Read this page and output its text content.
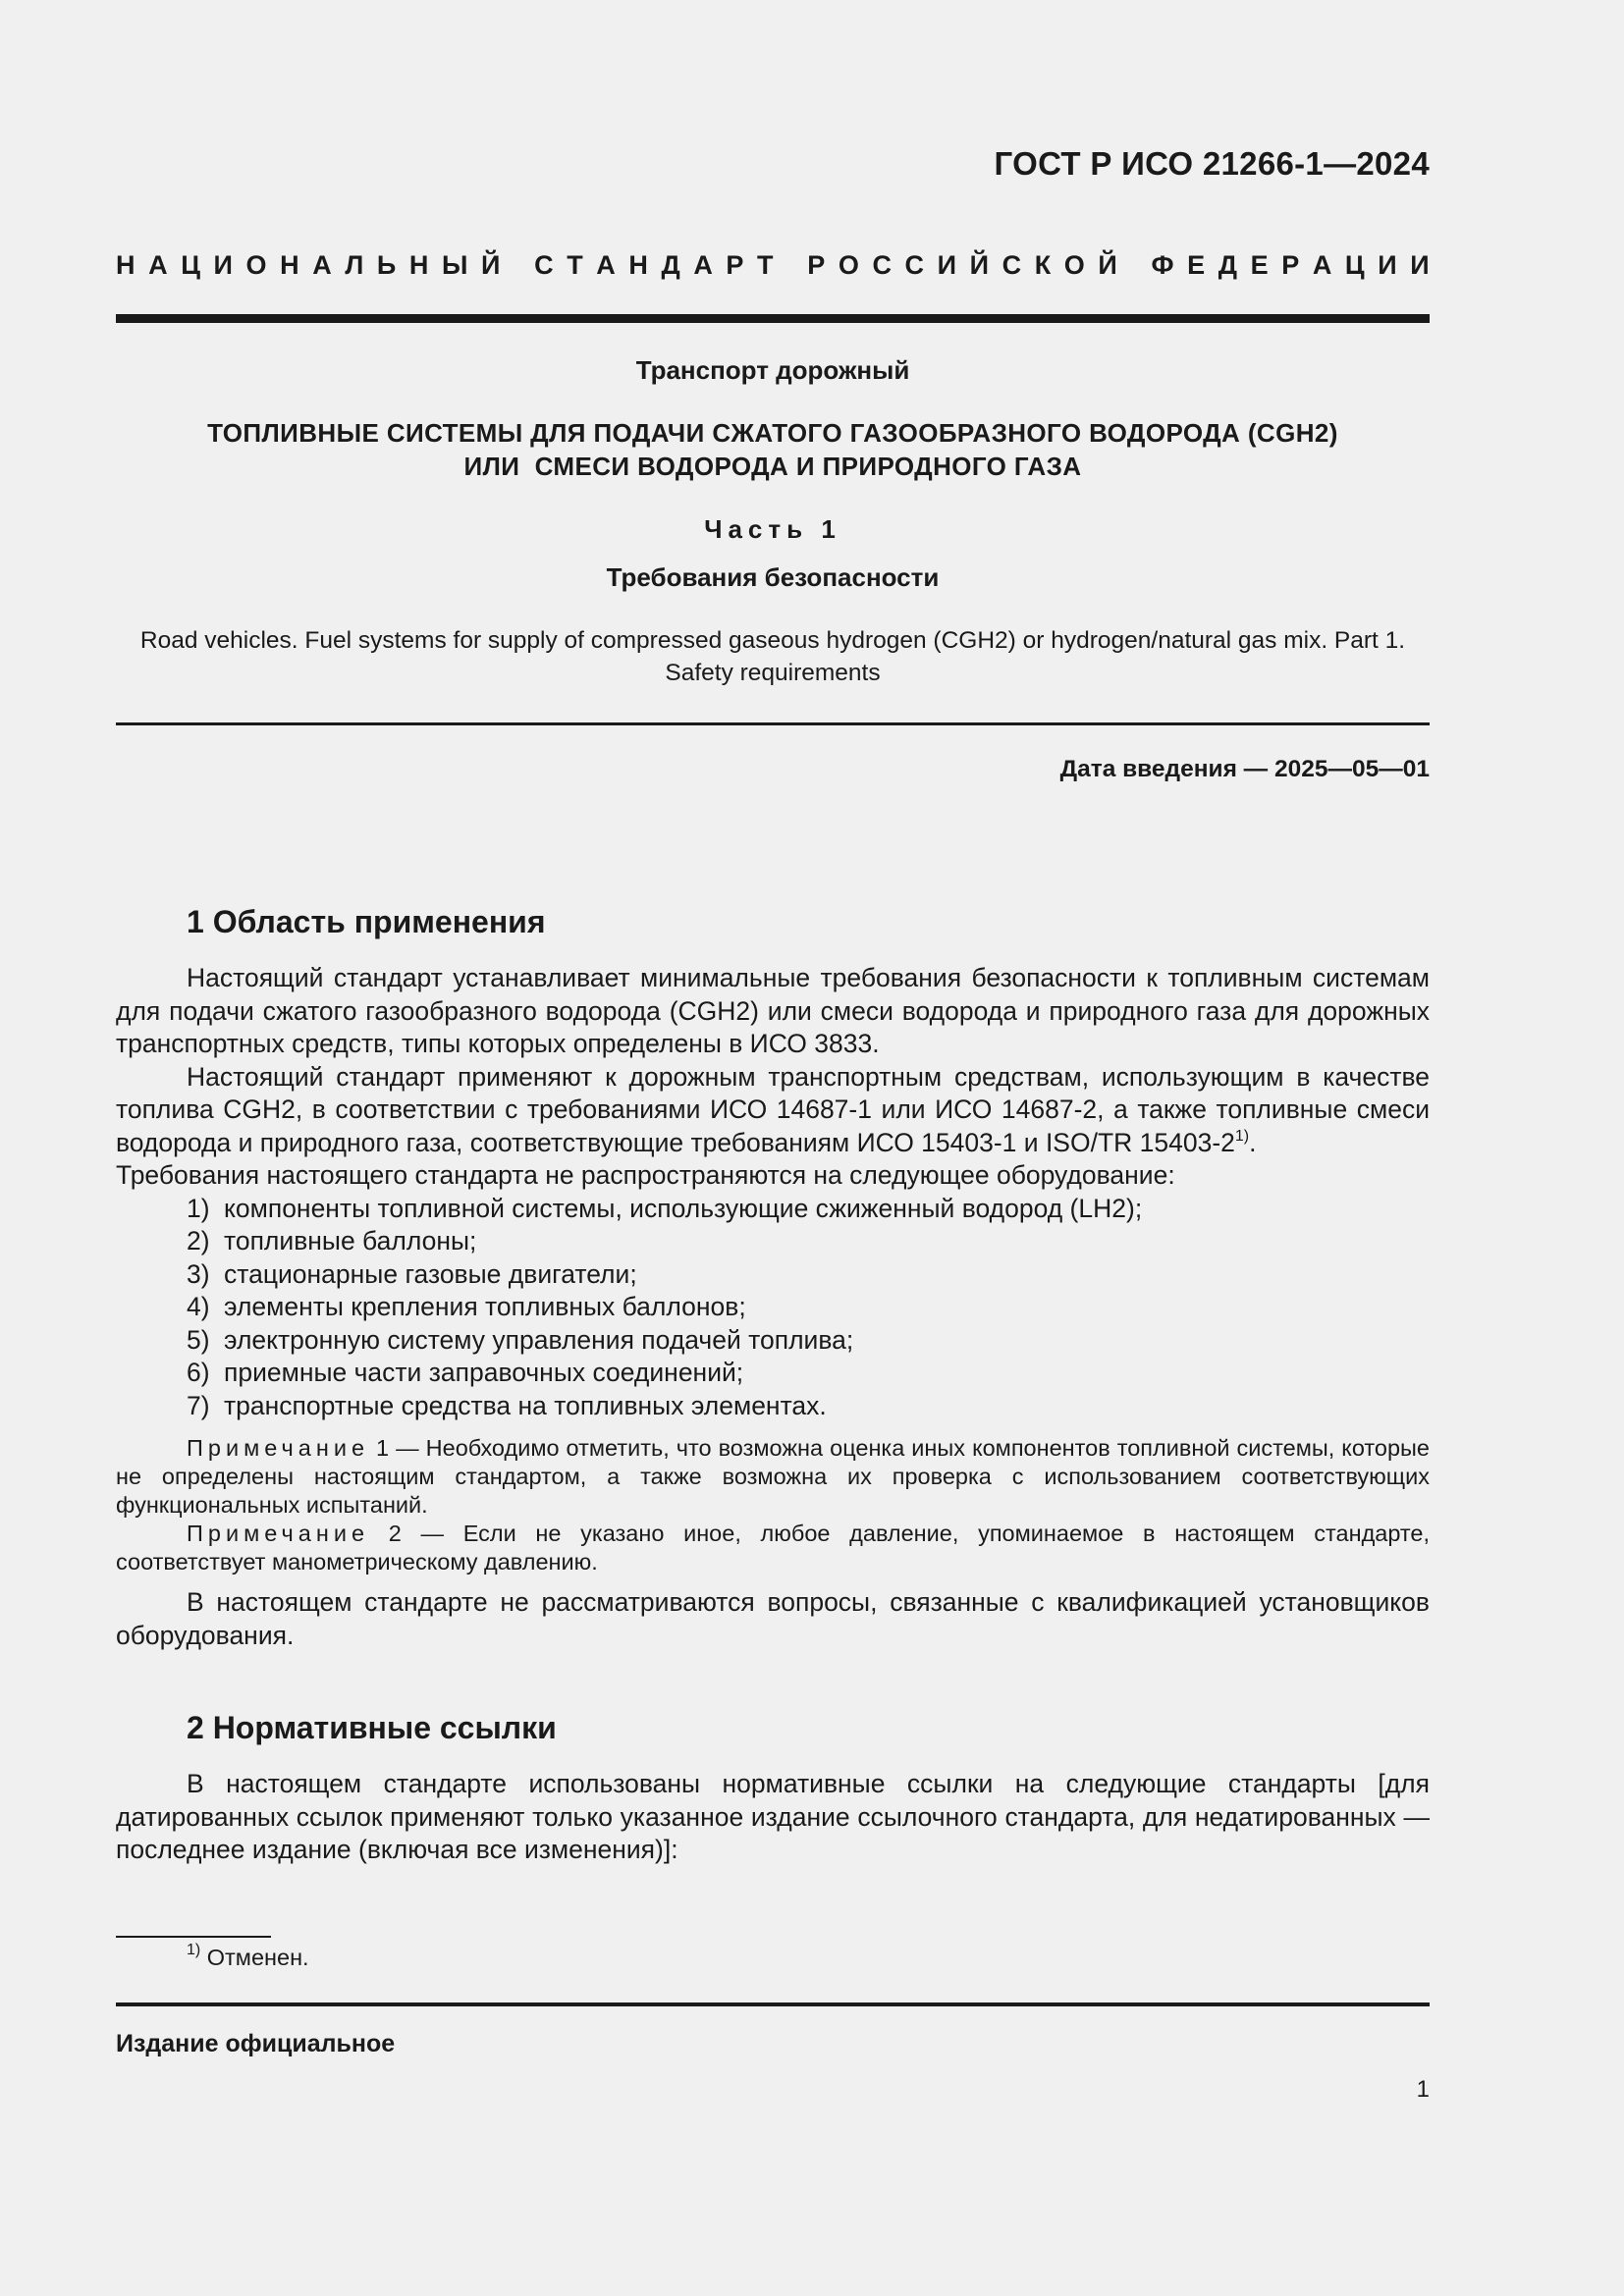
ГОСТ Р ИСО 21266-1—2024
Н А Ц И О Н А Л Ь Н Ы Й
С Т А Н Д А Р Т
Р О С С И Й С К О Й
Ф Е Д Е Р А Ц И И
Транспорт дорожный
ТОПЛИВНЫЕ СИСТЕМЫ ДЛЯ ПОДАЧИ СЖАТОГО ГАЗООБРАЗНОГО ВОДОРОДА (CGH2)
ИЛИ  СМЕСИ ВОДОРОДА И ПРИРОДНОГО ГАЗА
Часть 1
Требования безопасности
Road vehicles. Fuel systems for supply of compressed gaseous hydrogen (CGH2) or hydrogen/natural gas mix. Part 1.
Safety requirements
Дата введения — 2025—05—01
1 Область применения

Настоящий стандарт устанавливает минимальные требования безопасности к топливным системам для подачи сжатого газообразного водорода (CGH2) или смеси водорода и природного газа для дорожных транспортных средств, типы которых определены в ИСО 3833.

Настоящий стандарт применяют к дорожным транспортным средствам, использующим в качестве топлива CGH2, в соответствии с требованиями ИСО 14687-1 или ИСО 14687-2, а также топливные смеси водорода и природного газа, соответствующие требованиям ИСО 15403-1 и ISO/TR 15403-2$^{1)}$.

Требования настоящего стандарта не распространяются на следующее оборудование:

1) компоненты топливной системы, использующие сжиженный водород (LH2);
2) топливные баллоны;
3) стационарные газовые двигатели;
4) элементы крепления топливных баллонов;
5) электронную систему управления подачей топлива;
6) приемные части заправочных соединений;
7) транспортные средства на топливных элементах.

Примечание 1 — Необходимо отметить, что возможна оценка иных компонентов топливной системы, которые не определены настоящим стандартом, а также возможна их проверка с использованием соответствующих функциональных испытаний.

Примечание 2 — Если не указано иное, любое давление, упоминаемое в настоящем стандарте, соответствует манометрическому давлению.

В настоящем стандарте не рассматриваются вопросы, связанные с квалификацией установщиков оборудования.

2 Нормативные ссылки

В настоящем стандарте использованы нормативные ссылки на следующие стандарты [для датированных ссылок применяют только указанное издание ссылочного стандарта, для недатированных — последнее издание (включая все изменения)]:

$^{1)}$ Отменен.
Издание официальное
1
